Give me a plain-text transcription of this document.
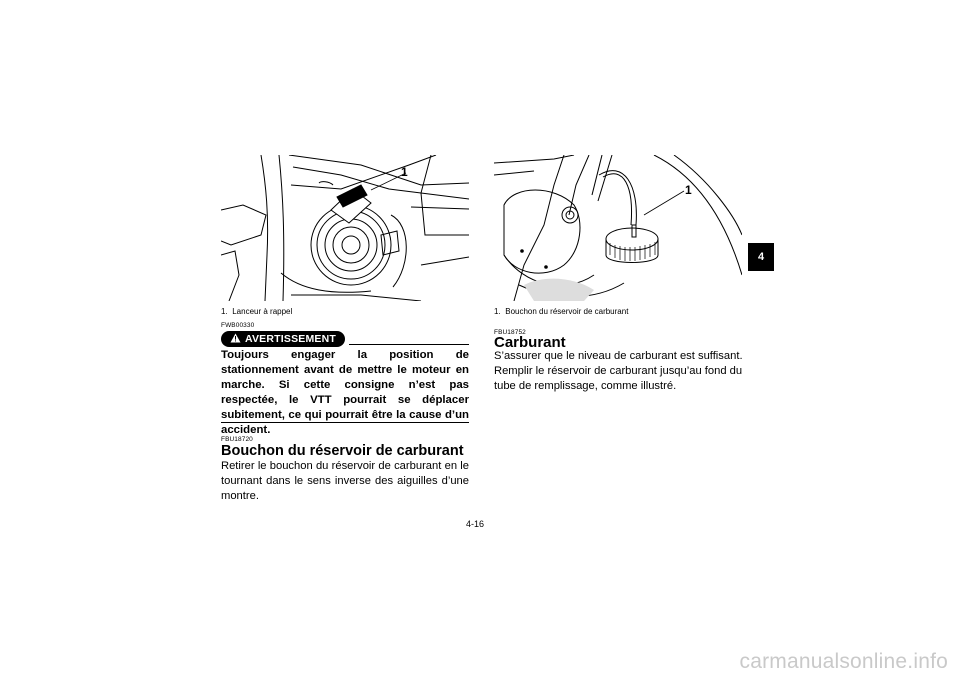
1
1. Lanceur à rappel
FWB00330
AVERTISSEMENT
Toujours engager la position de stationnement avant de mettre le moteur en marche. Si cette consigne n’est pas respectée, le VTT pourrait se déplacer subitement, ce qui pourrait être la cause d’un accident.
FBU18720
Bouchon du réservoir de carburant
Retirer le bouchon du réservoir de carburant en le tournant dans le sens inverse des aiguilles d’une montre.
1
1. Bouchon du réservoir de carburant
FBU18752
Carburant
S’assurer que le niveau de carburant est suffisant. Remplir le réservoir de carburant jusqu’au fond du tube de remplissage, comme illustré.
4
4-16
carmanualsonline.info
